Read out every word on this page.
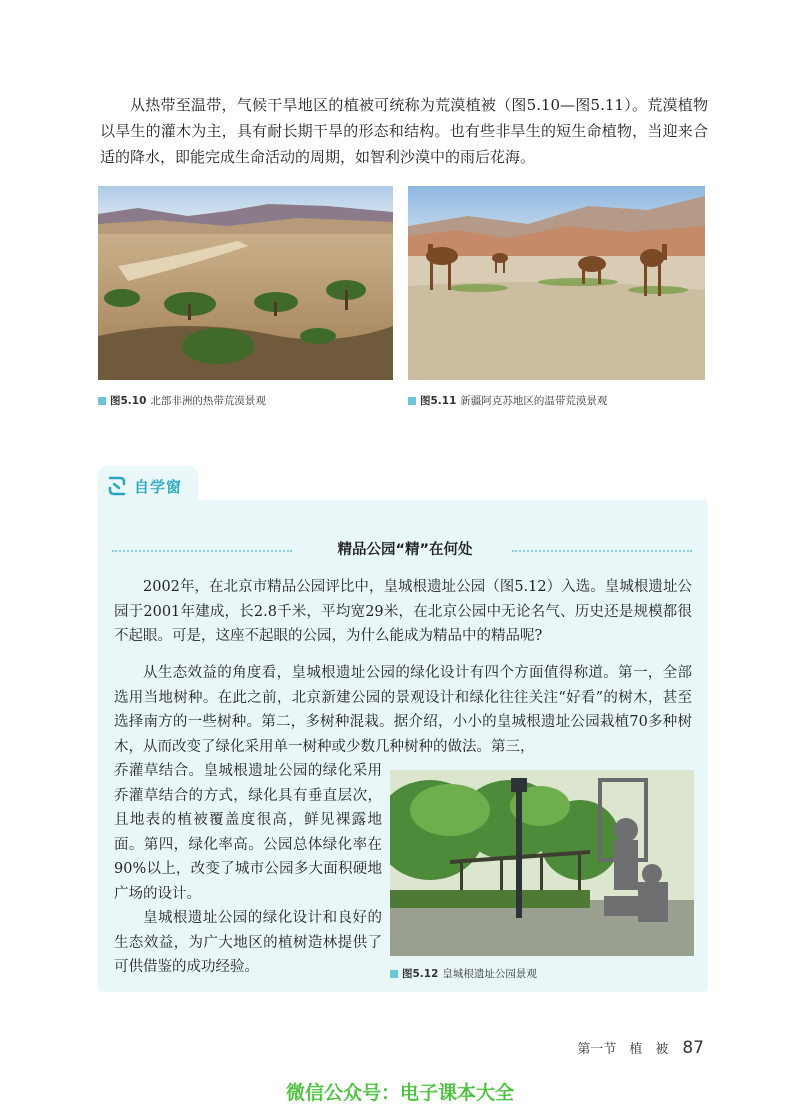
从热带至温带，气候干旱地区的植被可统称为荒漠植被（图5.10—图5.11）。荒漠植物以旱生的灌木为主，具有耐长期干旱的形态和结构。也有些非旱生的短生命植物，当迎来合适的降水，即能完成生命活动的周期，如智利沙漠中的雨后花海。

图5.10 北部非洲的热带荒漠景观	图5.11 新疆阿克苏地区的温带荒漠景观
自学窗
精品公园“精”在何处

2002年，在北京市精品公园评比中，皇城根遗址公园（图5.12）入选。皇城根遗址公园于2001年建成，长2.8千米，平均宽29米，在北京公园中无论名气、历史还是规模都很不起眼。可是，这座不起眼的公园，为什么能成为精品中的精品呢?

从生态效益的角度看，皇城根遗址公园的绿化设计有四个方面值得称道。第一，全部选用当地树种。在此之前，北京新建公园的景观设计和绿化往往关注“好看”的树木，甚至选择南方的一些树种。第二，多树种混栽。据介绍，小小的皇城根遗址公园栽植70多种树木，从而改变了绿化采用单一树种或少数几种树种的做法。第三，

乔灌草结合。皇城根遗址公园的绿化采用乔灌草结合的方式，绿化具有垂直层次，且地表的植被覆盖度很高，鲜见裸露地面。第四，绿化率高。公园总体绿化率在90%以上，改变了城市公园多大面积硬地广场的设计。

皇城根遗址公园的绿化设计和良好的生态效益，为广大地区的植树造林提供了可供借鉴的成功经验。	图5.12 皇城根遗址公园景观
第一节　植　被 87
微信公众号：电子课本大全
